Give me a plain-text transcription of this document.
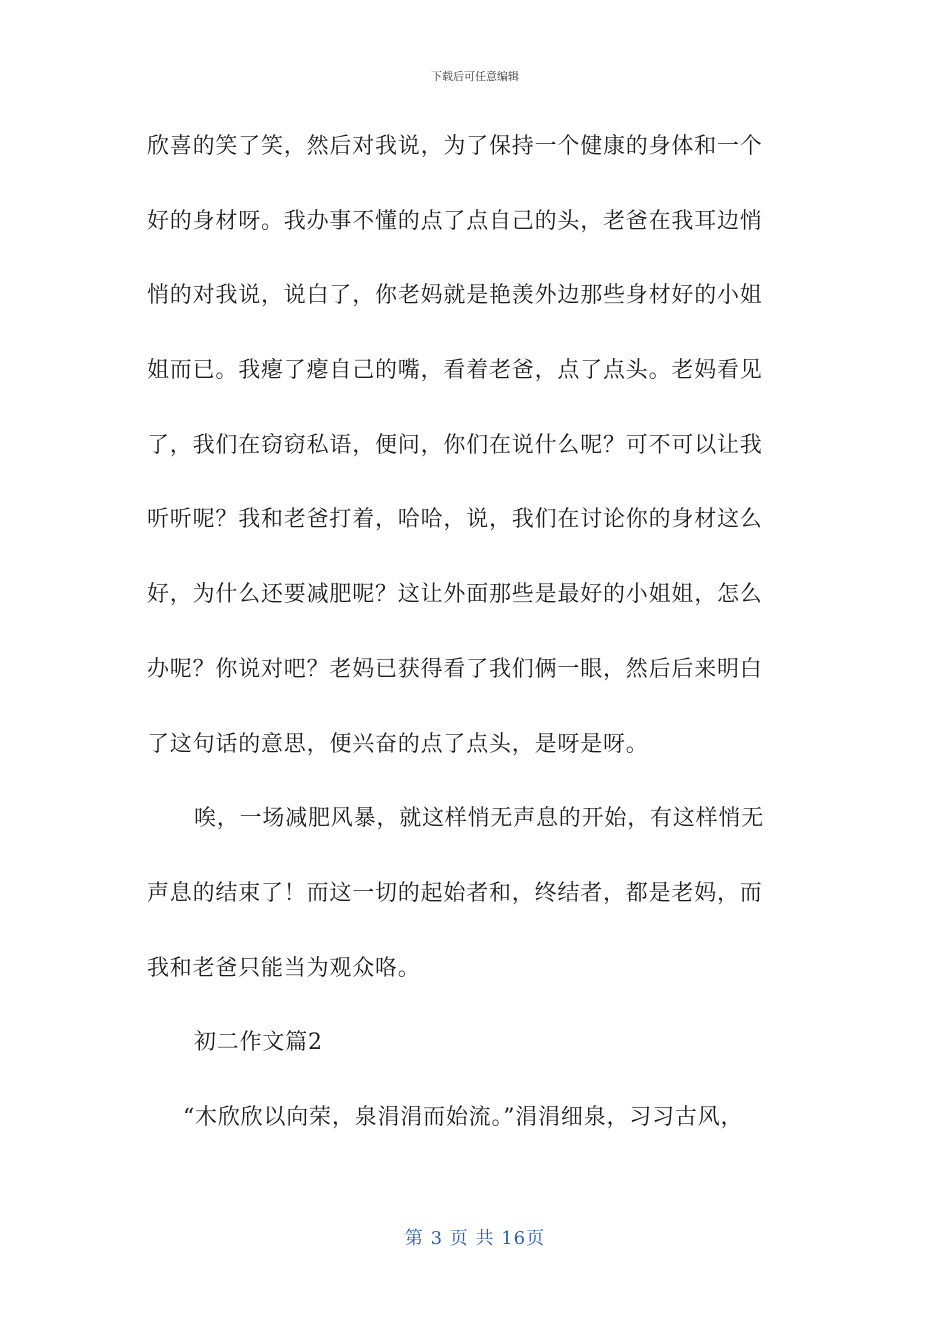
下载后可任意编辑
欣喜的笑了笑，然后对我说，为了保持一个健康的身体和一个
好的身材呀。我办事不懂的点了点自己的头，老爸在我耳边悄
悄的对我说，说白了，你老妈就是艳羡外边那些身材好的小姐
姐而已。我瘪了瘪自己的嘴，看着老爸，点了点头。老妈看见
了，我们在窃窃私语，便问，你们在说什么呢？可不可以让我
听听呢？我和老爸打着，哈哈，说，我们在讨论你的身材这么
好，为什么还要减肥呢？这让外面那些是最好的小姐姐，怎么
办呢？你说对吧？老妈已获得看了我们俩一眼，然后后来明白
了这句话的意思，便兴奋的点了点头，是呀是呀。
唉，一场减肥风暴，就这样悄无声息的开始，有这样悄无
声息的结束了！而这一切的起始者和，终结者，都是老妈，而
我和老爸只能当为观众咯。
初二作文篇2
“木欣欣以向荣，泉涓涓而始流。”涓涓细泉，习习古风，
第 3 页 共 16页
